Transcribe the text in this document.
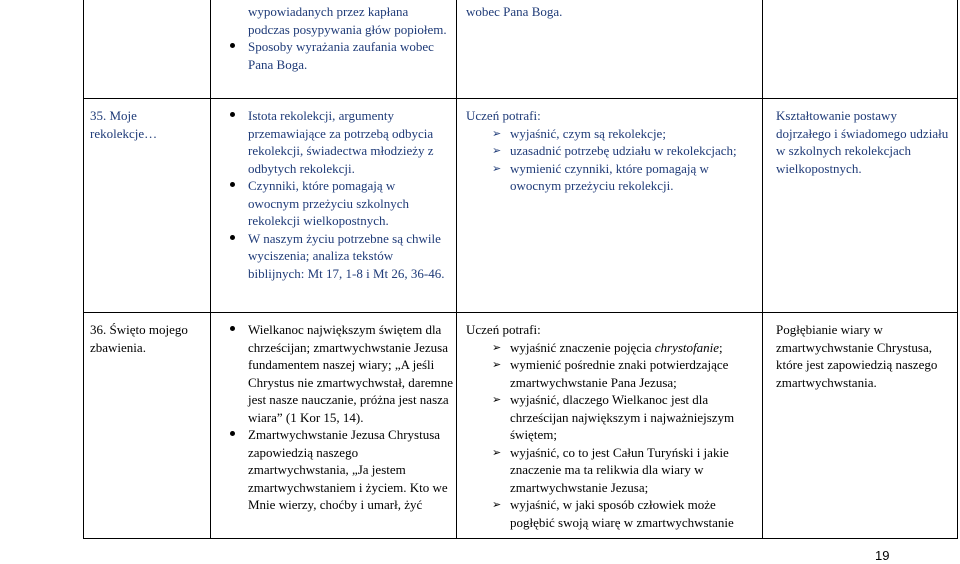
wypowiadanych przez kapłana podczas posypywania głów popiołem.
Sposoby wyrażania zaufania wobec Pana Boga.
wobec Pana Boga.
35. Moje rekolekcje…
Istota rekolekcji, argumenty przemawiające za potrzebą odbycia rekolekcji, świadectwa młodzieży z odbytych rekolekcji.
Czynniki, które pomagają w owocnym przeżyciu szkolnych rekolekcji wielkopostnych.
W naszym życiu potrzebne są chwile wyciszenia; analiza tekstów biblijnych: Mt 17, 1-8 i Mt 26, 36-46.
Uczeń potrafi:
➢ wyjaśnić, czym są rekolekcje;
➢ uzasadnić potrzebę udziału w rekolekcjach;
➢ wymienić czynniki, które pomagają w owocnym przeżyciu rekolekcji.
Kształtowanie postawy dojrzałego i świadomego udziału w szkolnych rekolekcjach wielkopostnych.
36. Święto mojego zbawienia.
Wielkanoc największym świętem dla chrześcijan; zmartwychwstanie Jezusa fundamentem naszej wiary; „A jeśli Chrystus nie zmartwychwstał, daremne jest nasze nauczanie, próżna jest nasza wiara” (1 Kor 15, 14).
Zmartwychwstanie Jezusa Chrystusa zapowiedzią naszego zmartwychwstania, „Ja jestem zmartwychwstaniem i życiem. Kto we Mnie wierzy, choćby i umarł, żyć
Uczeń potrafi:
➢ wyjaśnić znaczenie pojęcia chrystofanie;
➢ wymienić pośrednie znaki potwierdzające zmartwychwstanie Pana Jezusa;
➢ wyjaśnić, dlaczego Wielkanoc jest dla chrześcijan największym i najważniejszym świętem;
➢ wyjaśnić, co to jest Całun Turyński i jakie znaczenie ma ta relikwia dla wiary w zmartwychwstanie Jezusa;
➢ wyjaśnić, w jaki sposób człowiek może pogłębić swoją wiarę w zmartwychwstanie
Pogłębianie wiary w zmartwychwstanie Chrystusa, które jest zapowiedzią naszego zmartwychwstania.
19
